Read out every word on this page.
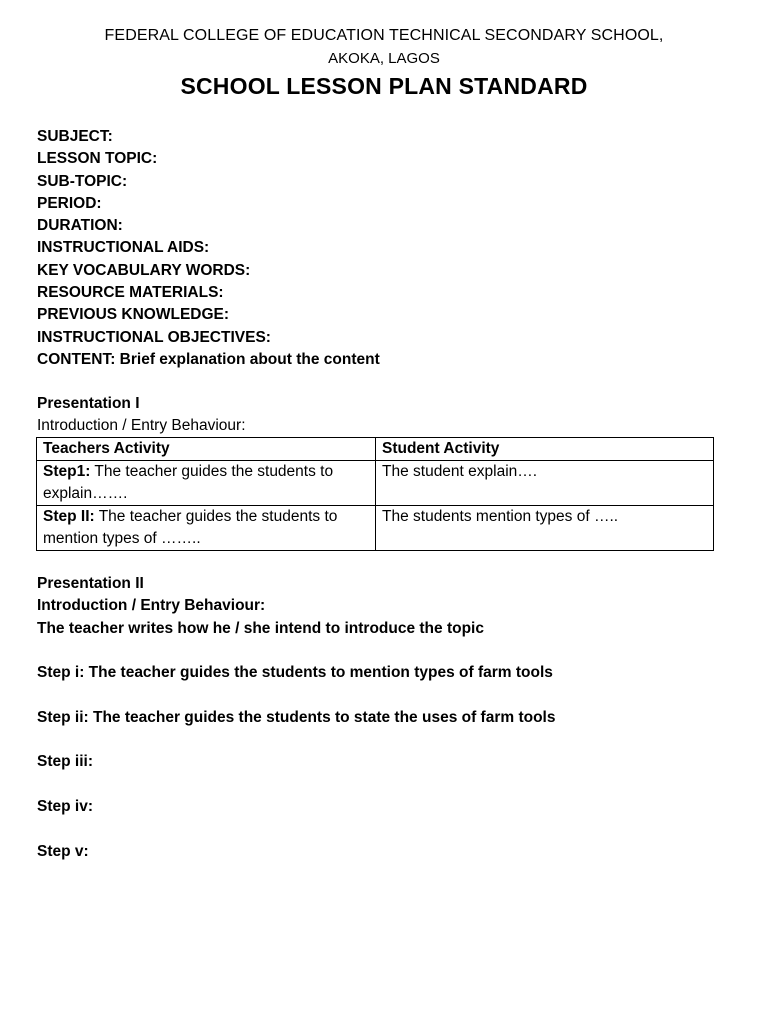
FEDERAL COLLEGE OF EDUCATION TECHNICAL SECONDARY SCHOOL,
AKOKA, LAGOS
SCHOOL LESSON PLAN STANDARD
SUBJECT:
LESSON TOPIC:
SUB-TOPIC:
PERIOD:
DURATION:
INSTRUCTIONAL AIDS:
KEY VOCABULARY WORDS:
RESOURCE MATERIALS:
PREVIOUS KNOWLEDGE:
INSTRUCTIONAL OBJECTIVES:
CONTENT: Brief explanation about the content
Presentation I
Introduction / Entry Behaviour:
Teachers Activity	Student Activity
Step1: The teacher guides the students to explain…….	The student explain….
Step II: The teacher guides the students to mention types of ……..	The students mention types of …..
Presentation II
Introduction / Entry Behaviour:
The teacher writes how he / she intend to introduce the topic
Step i: The teacher guides the students to mention types of farm tools
Step ii: The teacher guides the students to state the uses of farm tools
Step iii:
Step iv:
Step v:
